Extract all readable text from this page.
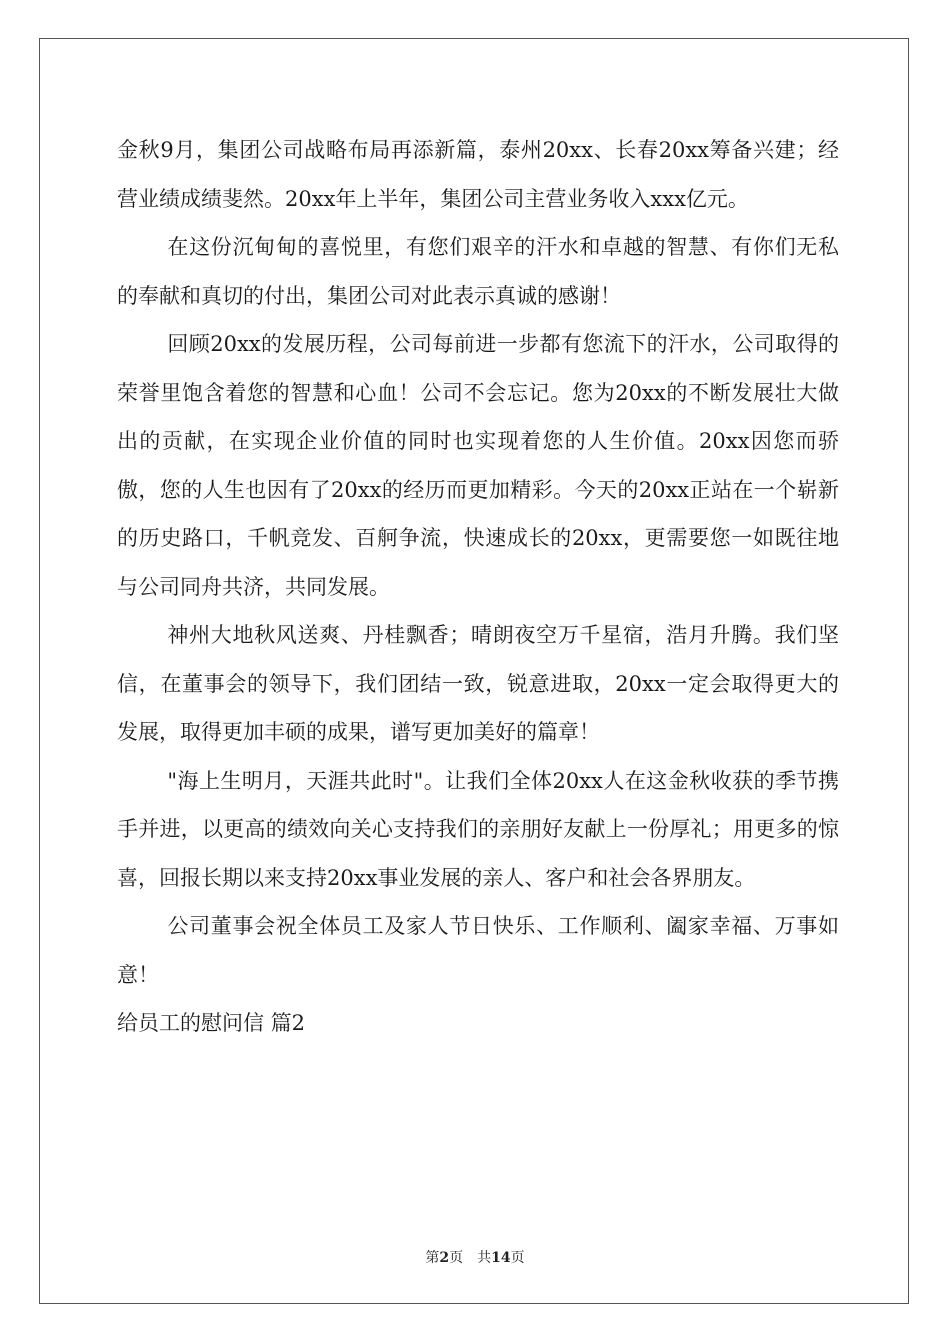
金秋9月，集团公司战略布局再添新篇，泰州20xx、长春20xx筹备兴建；经营业绩成绩斐然。20xx年上半年，集团公司主营业务收入xxx亿元。

在这份沉甸甸的喜悦里，有您们艰辛的汗水和卓越的智慧、有你们无私的奉献和真切的付出，集团公司对此表示真诚的感谢！

回顾20xx的发展历程，公司每前进一步都有您流下的汗水，公司取得的荣誉里饱含着您的智慧和心血！公司不会忘记。您为20xx的不断发展壮大做出的贡献，在实现企业价值的同时也实现着您的人生价值。20xx因您而骄傲，您的人生也因有了20xx的经历而更加精彩。今天的20xx正站在一个崭新的历史路口，千帆竞发、百舸争流，快速成长的20xx，更需要您一如既往地与公司同舟共济，共同发展。

神州大地秋风送爽、丹桂飘香；晴朗夜空万千星宿，浩月升腾。我们坚信，在董事会的领导下，我们团结一致，锐意进取，20xx一定会取得更大的发展，取得更加丰硕的成果，谱写更加美好的篇章！

"海上生明月，天涯共此时"。让我们全体20xx人在这金秋收获的季节携手并进，以更高的绩效向关心支持我们的亲朋好友献上一份厚礼；用更多的惊喜，回报长期以来支持20xx事业发展的亲人、客户和社会各界朋友。

公司董事会祝全体员工及家人节日快乐、工作顺利、阖家幸福、万事如意！

给员工的慰问信 篇2

第2页 共14页
